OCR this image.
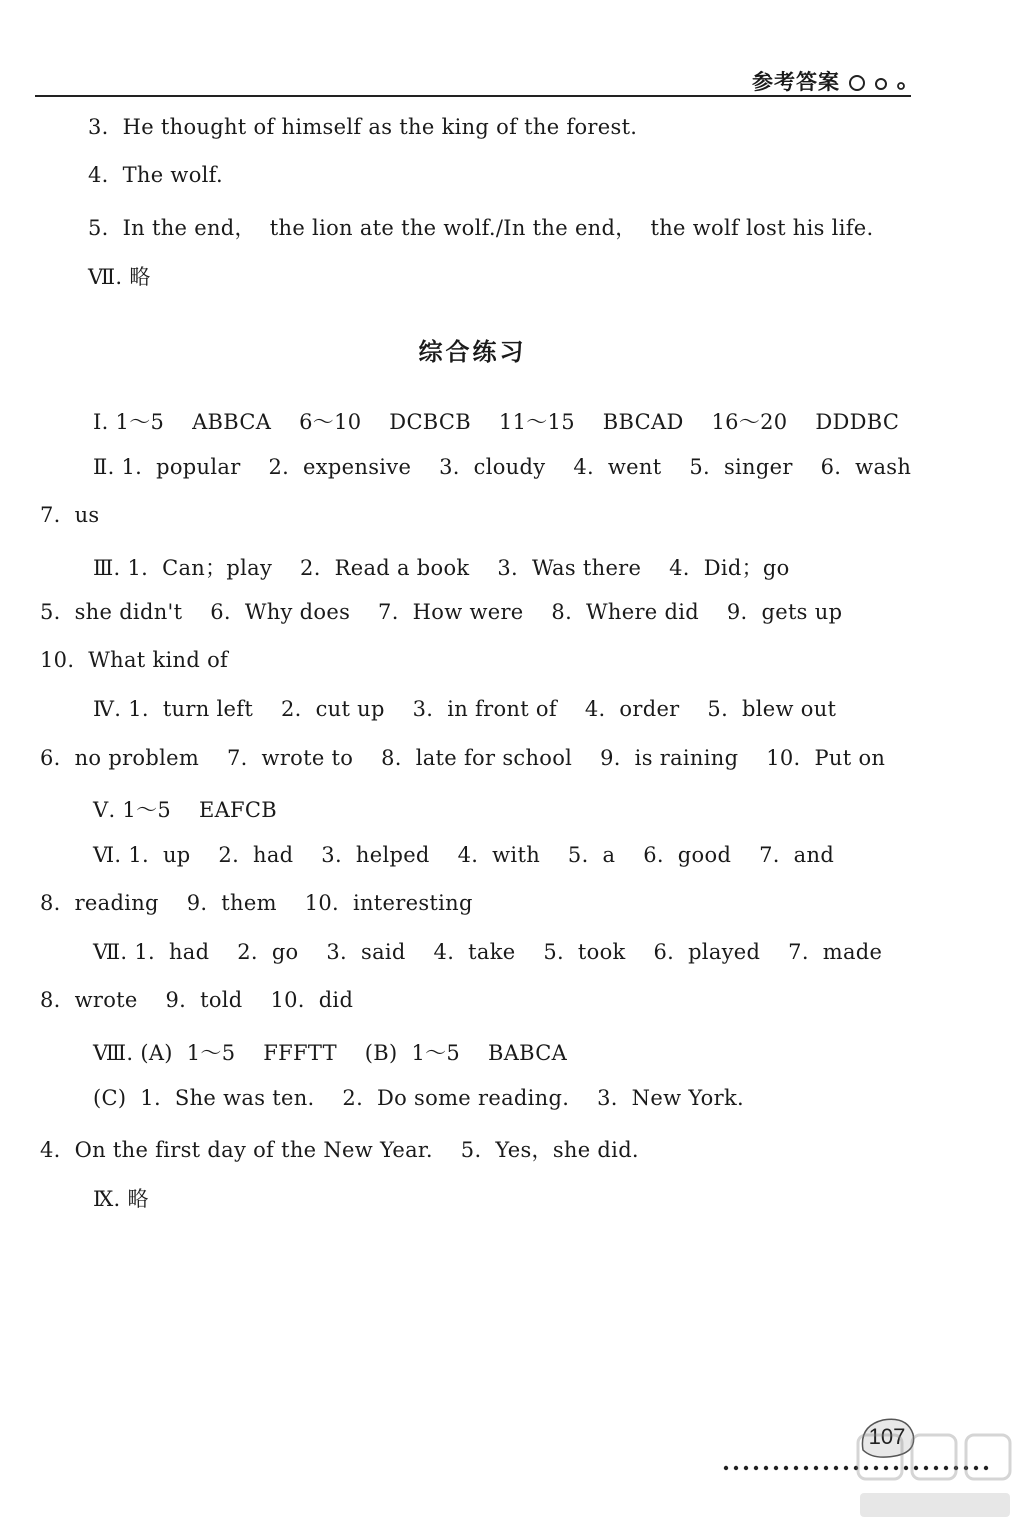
参考答案
3.  He thought of himself as the king of the forest.
4.  The wolf.
5.  In the end，  the lion ate the wolf./In the end，  the wolf lost his life.
Ⅶ. 略
综合练习
Ⅰ. 1～5    ABBCA    6～10    DCBCB    11～15    BBCAD    16～20    DDDBC
Ⅱ. 1.  popular    2.  expensive    3.  cloudy    4.  went    5.  singer    6.  wash
7.  us
Ⅲ. 1.  Can；play    2.  Read a book    3.  Was there    4.  Did；go
5.  she didn't    6.  Why does    7.  How were    8.  Where did    9.  gets up
10.  What kind of
Ⅳ. 1.  turn left    2.  cut up    3.  in front of    4.  order    5.  blew out
6.  no problem    7.  wrote to    8.  late for school    9.  is raining    10.  Put on
Ⅴ. 1～5    EAFCB
Ⅵ. 1.  up    2.  had    3.  helped    4.  with    5.  a    6.  good    7.  and
8.  reading    9.  them    10.  interesting
Ⅶ. 1.  had    2.  go    3.  said    4.  take    5.  took    6.  played    7.  made
8.  wrote    9.  told    10.  did
Ⅷ. (A)  1～5    FFFTT    (B)  1～5    BABCA
(C)  1.  She was ten.    2.  Do some reading.    3.  New York.
4.  On the first day of the New Year.    5.  Yes，she did.
Ⅸ. 略
107
